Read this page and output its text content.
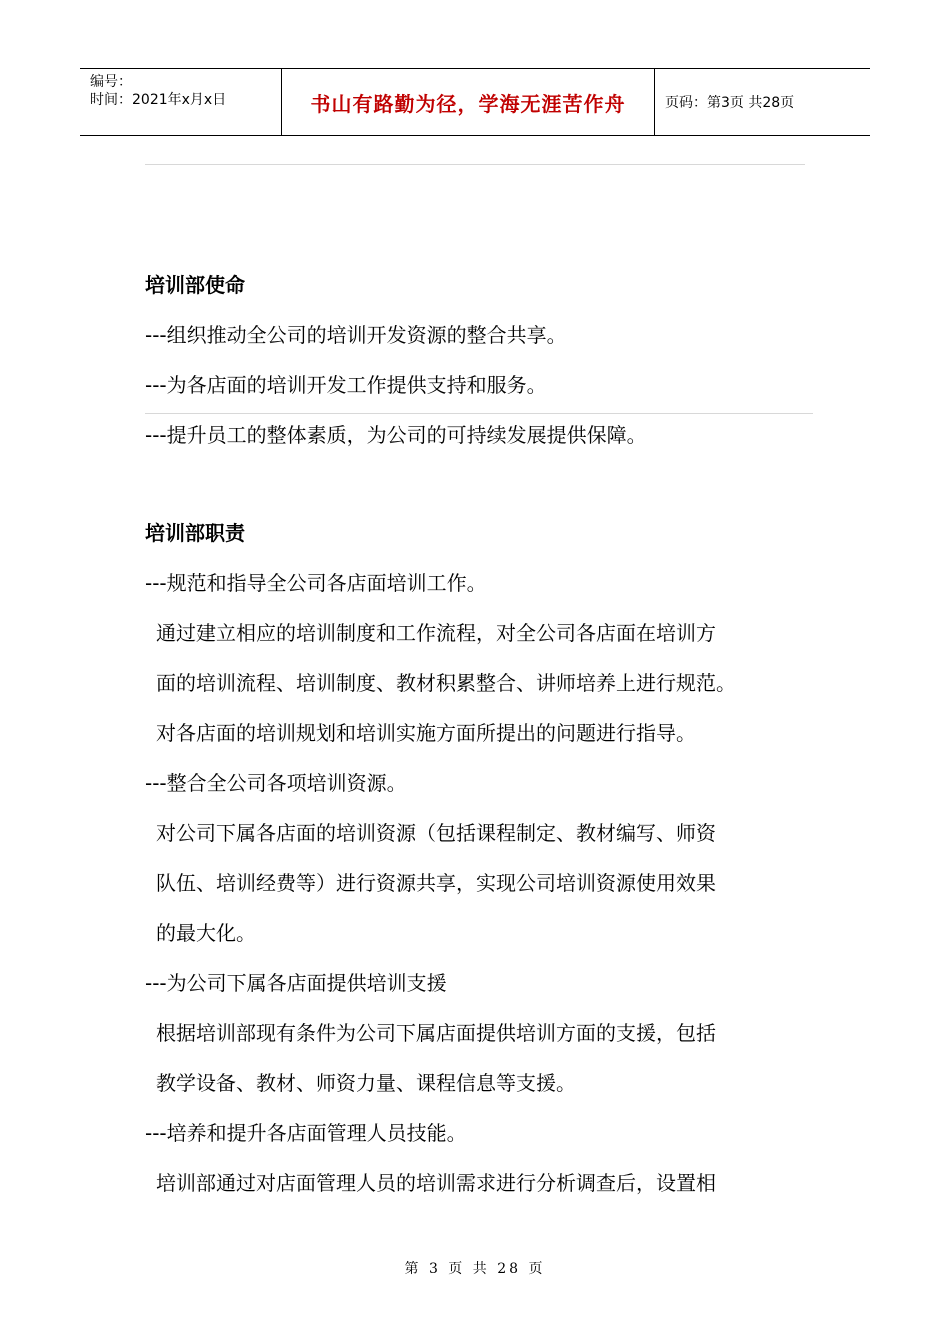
编号：
时间：2021年x月x日	书山有路勤为径，学海无涯苦作舟	页码：第3页 共28页
培训部使命
---组织推动全公司的培训开发资源的整合共享。
---为各店面的培训开发工作提供支持和服务。
---提升员工的整体素质，为公司的可持续发展提供保障。
培训部职责
---规范和指导全公司各店面培训工作。
通过建立相应的培训制度和工作流程，对全公司各店面在培训方
面的培训流程、培训制度、教材积累整合、讲师培养上进行规范。
对各店面的培训规划和培训实施方面所提出的问题进行指导。
---整合全公司各项培训资源。
对公司下属各店面的培训资源（包括课程制定、教材编写、师资
队伍、培训经费等）进行资源共享，实现公司培训资源使用效果
的最大化。
---为公司下属各店面提供培训支援
根据培训部现有条件为公司下属店面提供培训方面的支援，包括
教学设备、教材、师资力量、课程信息等支援。
---培养和提升各店面管理人员技能。
培训部通过对店面管理人员的培训需求进行分析调查后，设置相
第 3 页 共 28 页
